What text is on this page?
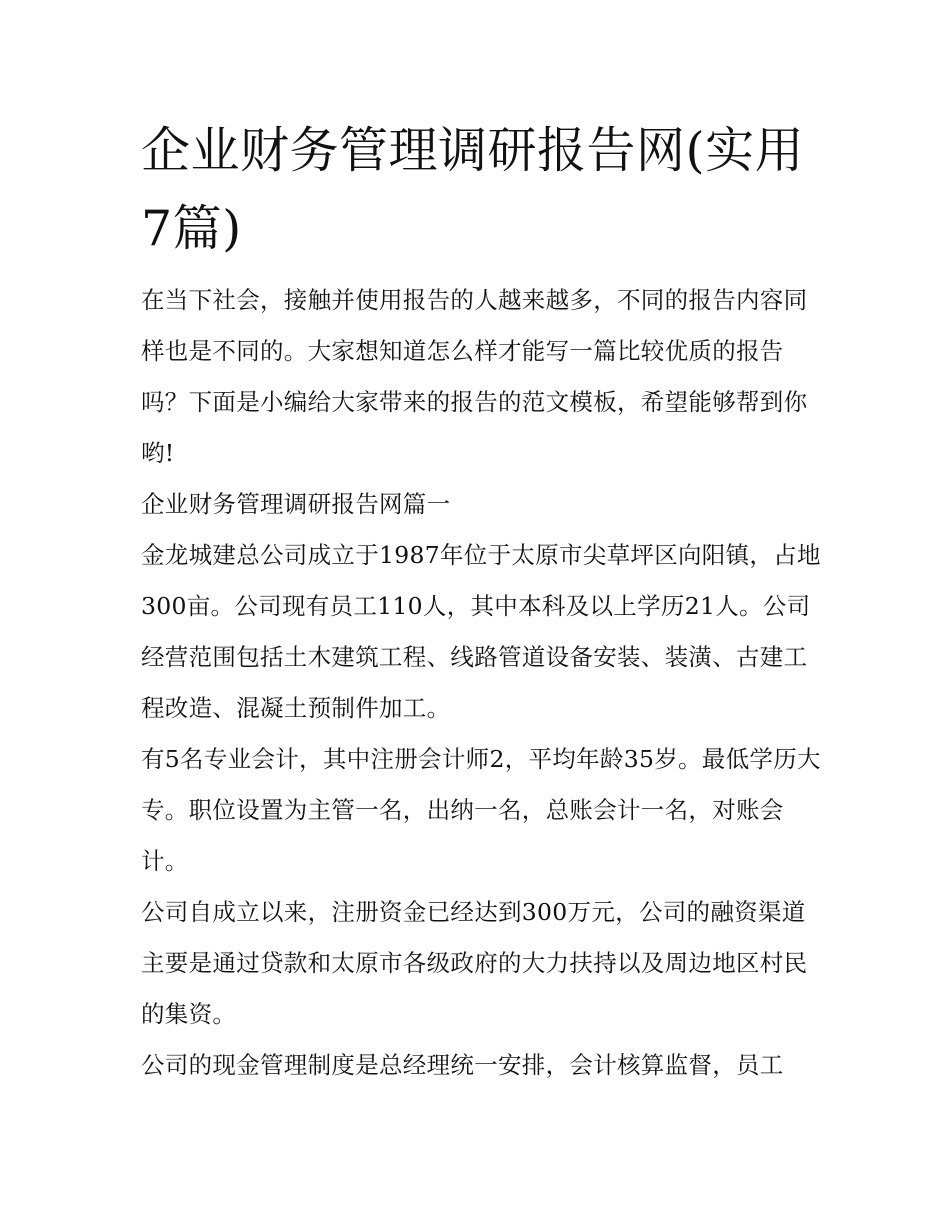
企业财务管理调研报告网(实用7篇)

在当下社会，接触并使用报告的人越来越多，不同的报告内容同样也是不同的。大家想知道怎么样才能写一篇比较优质的报告吗？下面是小编给大家带来的报告的范文模板，希望能够帮到你哟!

企业财务管理调研报告网篇一

金龙城建总公司成立于1987年位于太原市尖草坪区向阳镇，占地300亩。公司现有员工110人，其中本科及以上学历21人。公司经营范围包括土木建筑工程、线路管道设备安装、装潢、古建工程改造、混凝土预制件加工。

有5名专业会计，其中注册会计师2，平均年龄35岁。最低学历大专。职位设置为主管一名，出纳一名，总账会计一名，对账会计。

公司自成立以来，注册资金已经达到300万元，公司的融资渠道主要是通过贷款和太原市各级政府的大力扶持以及周边地区村民的集资。

公司的现金管理制度是总经理统一安排，会计核算监督，员工
